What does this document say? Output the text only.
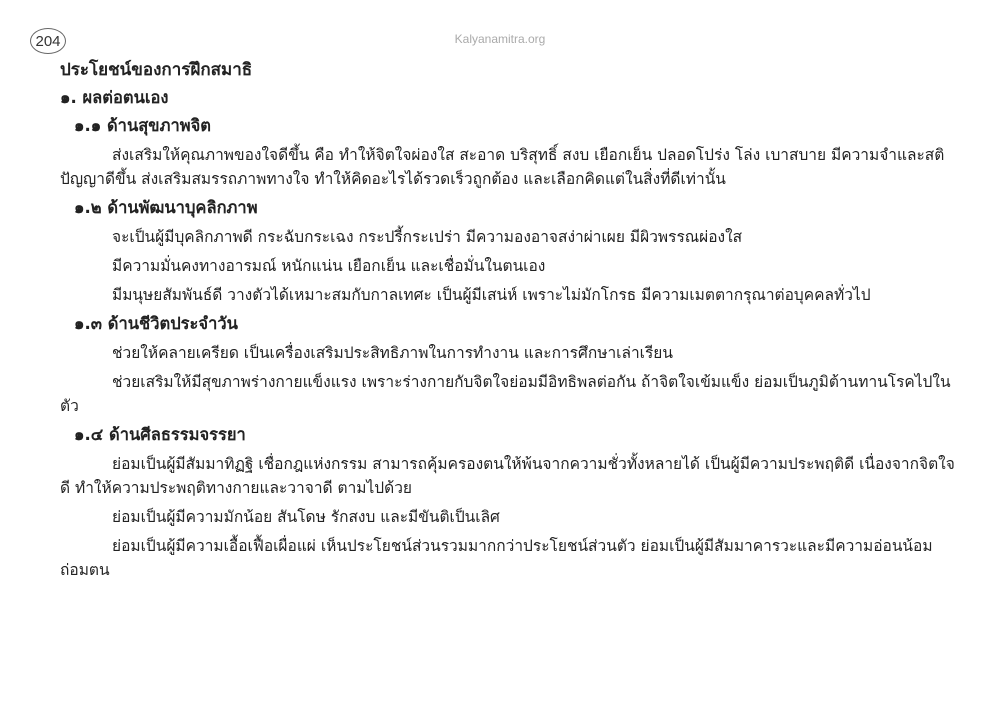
204	Kalyanamitra.org
ประโยชน์ของการฝึกสมาธิ
๑. ผลต่อตนเอง
๑.๑ ด้านสุขภาพจิต
ส่งเสริมให้คุณภาพของใจดีขึ้น คือ ทำให้จิตใจผ่องใส สะอาด บริสุทธิ์ สงบ เยือกเย็น ปลอดโปร่ง โล่ง เบาสบาย มีความจำและสติปัญญาดีขึ้น ส่งเสริมสมรรถภาพทางใจ ทำให้คิดอะไรได้รวดเร็วถูกต้อง และเลือกคิดแต่ในสิ่งที่ดีเท่านั้น
๑.๒ ด้านพัฒนาบุคลิกภาพ
จะเป็นผู้มีบุคลิกภาพดี กระฉับกระเฉง กระปรี้กระเปร่า มีความองอาจสง่าผ่าเผย มีผิวพรรณผ่องใส
มีความมั่นคงทางอารมณ์ หนักแน่น เยือกเย็น และเชื่อมั่นในตนเอง
มีมนุษยสัมพันธ์ดี วางตัวได้เหมาะสมกับกาลเทศะ เป็นผู้มีเสน่ห์ เพราะไม่มักโกรธ มีความเมตตากรุณาต่อบุคคลทั่วไป
๑.๓ ด้านชีวิตประจำวัน
ช่วยให้คลายเครียด เป็นเครื่องเสริมประสิทธิภาพในการทำงาน และการศึกษาเล่าเรียน
ช่วยเสริมให้มีสุขภาพร่างกายแข็งแรง เพราะร่างกายกับจิตใจย่อมมีอิทธิพลต่อกัน ถ้าจิตใจเข้มแข็ง ย่อมเป็นภูมิต้านทานโรคไปในตัว
๑.๔ ด้านศีลธรรมจรรยา
ย่อมเป็นผู้มีสัมมาทิฏฐิ เชื่อกฎแห่งกรรม สามารถคุ้มครองตนให้พ้นจากความชั่วทั้งหลายได้ เป็นผู้มีความประพฤติดี เนื่องจากจิตใจดี ทำให้ความประพฤติทางกายและวาจาดี ตามไปด้วย
ย่อมเป็นผู้มีความมักน้อย สันโดษ รักสงบ และมีขันติเป็นเลิศ
ย่อมเป็นผู้มีความเอื้อเฟื้อเผื่อแผ่ เห็นประโยชน์ส่วนรวมมากกว่าประโยชน์ส่วนตัว ย่อมเป็นผู้มีสัมมาคารวะและมีความอ่อนน้อมถ่อมตน
